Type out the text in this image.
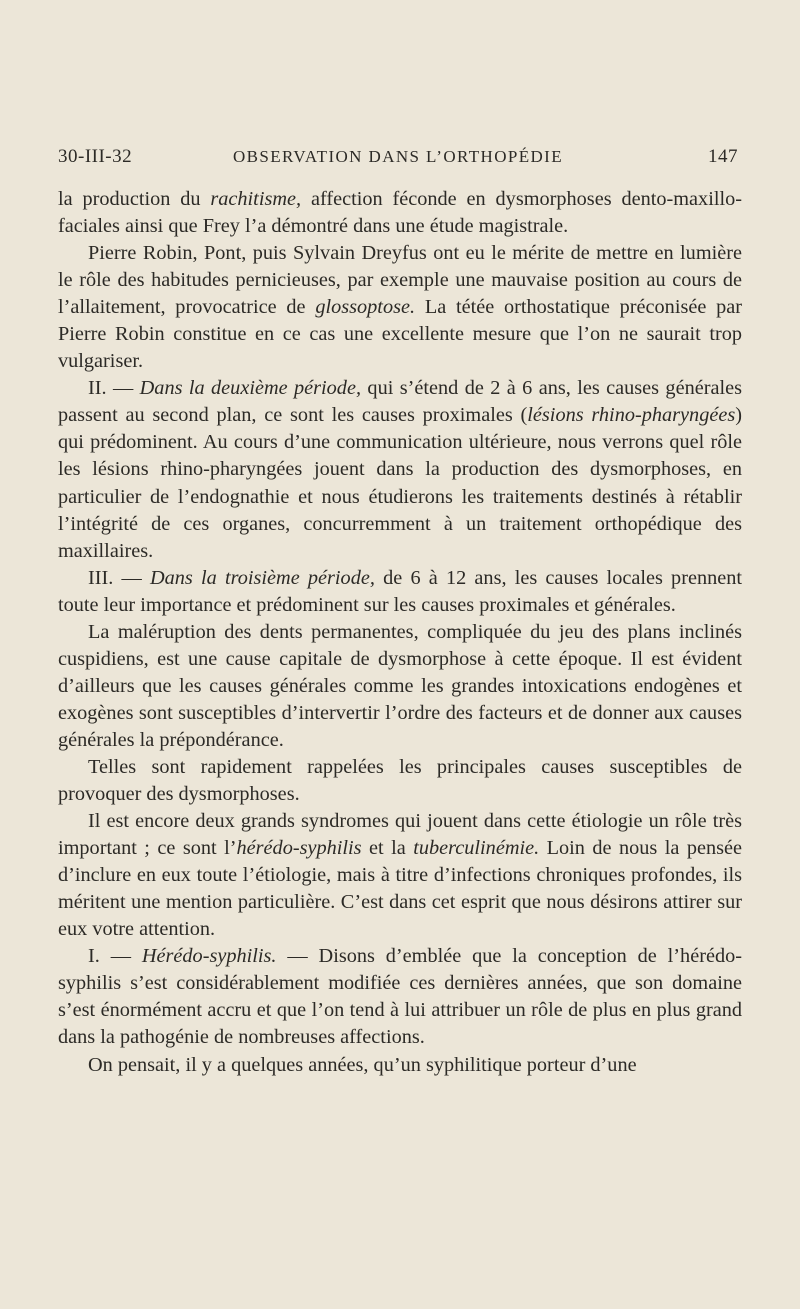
30-III-32	OBSERVATION DANS L’ORTHOPÉDIE	147

la production du rachitisme, affection féconde en dysmorphoses dento-maxillo-faciales ainsi que Frey l’a démontré dans une étude magistrale.

Pierre Robin, Pont, puis Sylvain Dreyfus ont eu le mérite de mettre en lumière le rôle des habitudes pernicieuses, par exemple une mauvaise position au cours de l’allaitement, provocatrice de glossoptose. La tétée orthostatique préconisée par Pierre Robin constitue en ce cas une excellente mesure que l’on ne saurait trop vulgariser.

II. — Dans la deuxième période, qui s’étend de 2 à 6 ans, les causes générales passent au second plan, ce sont les causes proximales (lésions rhino-pharyngées) qui prédominent. Au cours d’une communication ultérieure, nous verrons quel rôle les lésions rhino-pharyngées jouent dans la production des dysmorphoses, en particulier de l’endognathie et nous étudierons les traitements destinés à rétablir l’intégrité de ces organes, concurremment à un traitement orthopédique des maxillaires.

III. — Dans la troisième période, de 6 à 12 ans, les causes locales prennent toute leur importance et prédominent sur les causes proximales et générales.

La maléruption des dents permanentes, compliquée du jeu des plans inclinés cuspidiens, est une cause capitale de dysmorphose à cette époque. Il est évident d’ailleurs que les causes générales comme les grandes intoxications endogènes et exogènes sont susceptibles d’intervertir l’ordre des facteurs et de donner aux causes générales la prépondérance.

Telles sont rapidement rappelées les principales causes susceptibles de provoquer des dysmorphoses.

Il est encore deux grands syndromes qui jouent dans cette étiologie un rôle très important ; ce sont l’hérédo-syphilis et la tuberculinémie. Loin de nous la pensée d’inclure en eux toute l’étiologie, mais à titre d’infections chroniques profondes, ils méritent une mention particulière. C’est dans cet esprit que nous désirons attirer sur eux votre attention.

I. — Hérédo-syphilis. — Disons d’emblée que la conception de l’hérédo-syphilis s’est considérablement modifiée ces dernières années, que son domaine s’est énormément accru et que l’on tend à lui attribuer un rôle de plus en plus grand dans la pathogénie de nombreuses affections.

On pensait, il y a quelques années, qu’un syphilitique porteur d’une
